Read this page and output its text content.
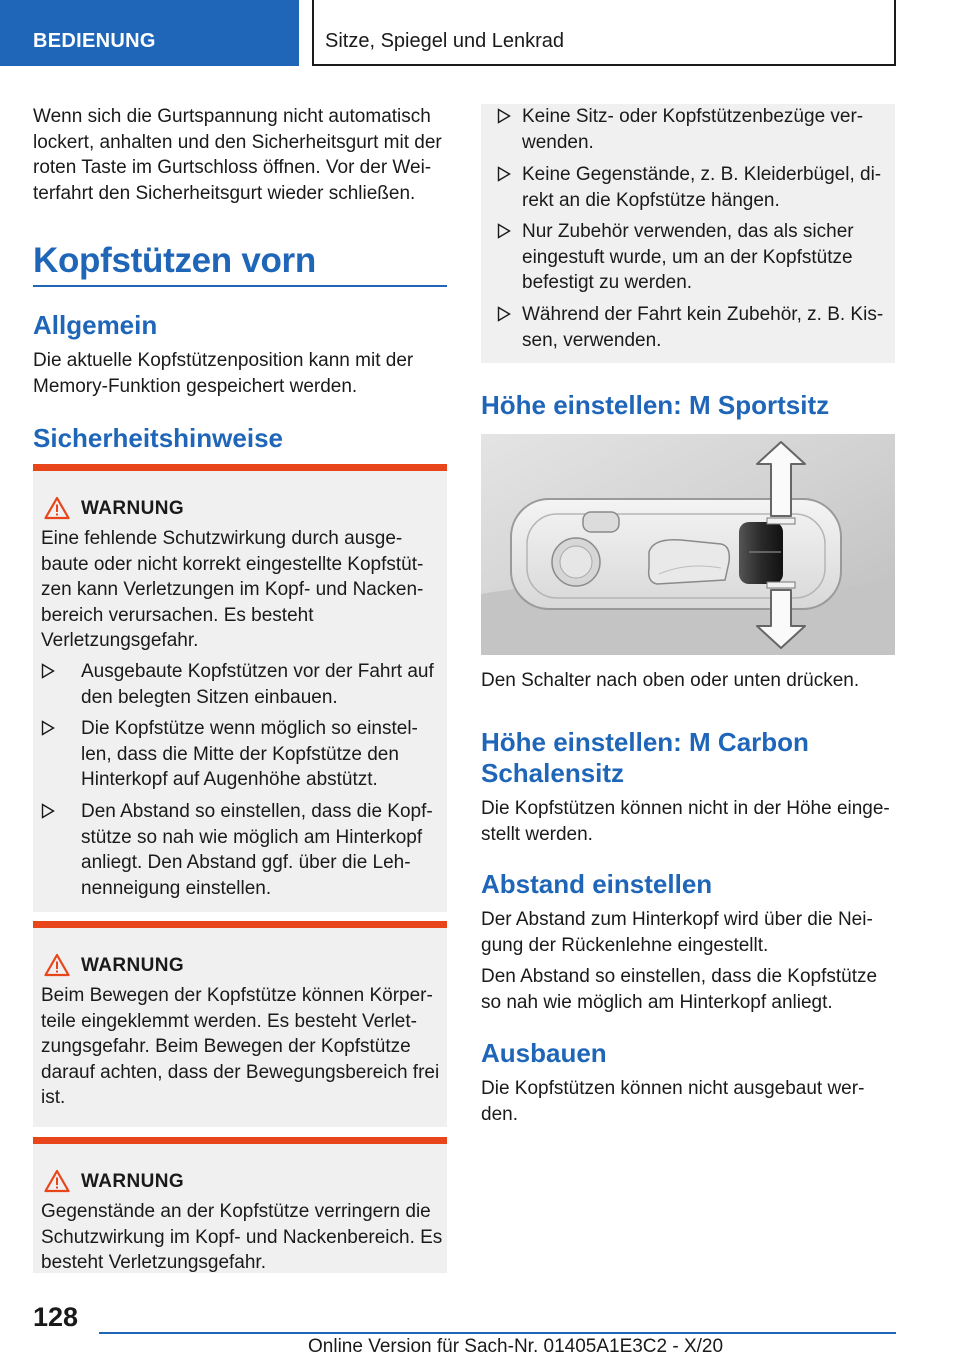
BEDIENUNG	Sitze, Spiegel und Lenkrad
Wenn sich die Gurtspannung nicht automatisch lockert, anhalten und den Sicherheitsgurt mit der roten Taste im Gurtschloss öffnen. Vor der Wei-terfahrt den Sicherheitsgurt wieder schließen.
Kopfstützen vorn
Allgemein
Die aktuelle Kopfstützenposition kann mit der Memory-Funktion gespeichert werden.
Sicherheitshinweise
WARNUNG
Eine fehlende Schutzwirkung durch ausge-baute oder nicht korrekt eingestellte Kopfstüt-zen kann Verletzungen im Kopf- und Nacken-bereich verursachen. Es besteht Verletzungsgefahr.
Ausgebaute Kopfstützen vor der Fahrt auf den belegten Sitzen einbauen.
Die Kopfstütze wenn möglich so einstel-len, dass die Mitte der Kopfstütze den Hinterkopf auf Augenhöhe abstützt.
Den Abstand so einstellen, dass die Kopf-stütze so nah wie möglich am Hinterkopf anliegt. Den Abstand ggf. über die Leh-nenneigung einstellen.
WARNUNG
Beim Bewegen der Kopfstütze können Körper-teile eingeklemmt werden. Es besteht Verlet-zungsgefahr. Beim Bewegen der Kopfstütze darauf achten, dass der Bewegungsbereich frei ist.
WARNUNG
Gegenstände an der Kopfstütze verringern die Schutzwirkung im Kopf- und Nackenbereich. Es besteht Verletzungsgefahr.
Keine Sitz- oder Kopfstützenbezüge ver-wenden.
Keine Gegenstände, z. B. Kleiderbügel, di-rekt an die Kopfstütze hängen.
Nur Zubehör verwenden, das als sicher eingestuft wurde, um an der Kopfstütze befestigt zu werden.
Während der Fahrt kein Zubehör, z. B. Kis-sen, verwenden.
Höhe einstellen: M Sportsitz
Den Schalter nach oben oder unten drücken.
Höhe einstellen: M Carbon Schalensitz
Die Kopfstützen können nicht in der Höhe einge-stellt werden.
Abstand einstellen
Der Abstand zum Hinterkopf wird über die Nei-gung der Rückenlehne eingestellt.
Den Abstand so einstellen, dass die Kopfstütze so nah wie möglich am Hinterkopf anliegt.
Ausbauen
Die Kopfstützen können nicht ausgebaut wer-den.
128
Online Version für Sach-Nr. 01405A1E3C2 - X/20
